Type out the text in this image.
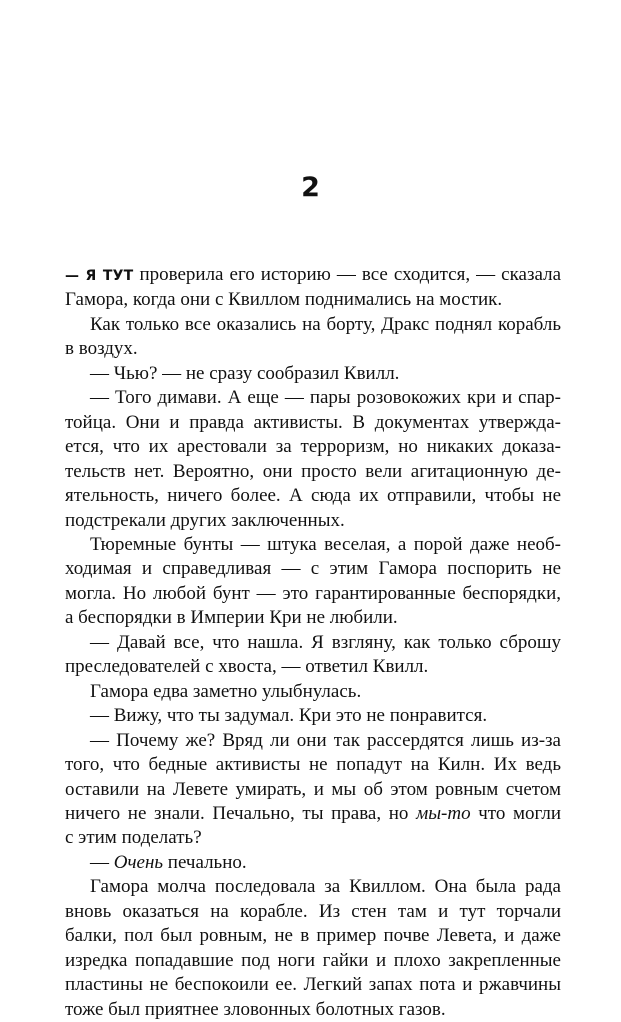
2
— Я ТУТ проверила его историю — все сходится, — сказала
Гамора, когда они с Квиллом поднимались на мостик.
Как только все оказались на борту, Дракс поднял корабль
в воздух.
— Чью? — не сразу сообразил Квилл.
— Того димави. А еще — пары розовокожих кри и спар-
тойца. Они и правда активисты. В документах утвержда-
ется, что их арестовали за терроризм, но никаких доказа-
тельств нет. Вероятно, они просто вели агитационную де-
ятельность, ничего более. А сюда их отправили, чтобы не
подстрекали других заключенных.
Тюремные бунты — штука веселая, а порой даже необ-
ходимая и справедливая — с этим Гамора поспорить не
могла. Но любой бунт — это гарантированные беспорядки,
а беспорядки в Империи Кри не любили.
— Давай все, что нашла. Я взгляну, как только сброшу
преследователей с хвоста, — ответил Квилл.
Гамора едва заметно улыбнулась.
— Вижу, что ты задумал. Кри это не понравится.
— Почему же? Вряд ли они так рассердятся лишь из-за
того, что бедные активисты не попадут на Килн. Их ведь
оставили на Левете умирать, и мы об этом ровным счетом
ничего не знали. Печально, ты права, но мы-то что могли
с этим поделать?
— Очень печально.
Гамора молча последовала за Квиллом. Она была рада
вновь оказаться на корабле. Из стен там и тут торчали
балки, пол был ровным, не в пример почве Левета, и даже
изредка попадавшие под ноги гайки и плохо закрепленные
пластины не беспокоили ее. Легкий запах пота и ржавчины
тоже был приятнее зловонных болотных газов.
